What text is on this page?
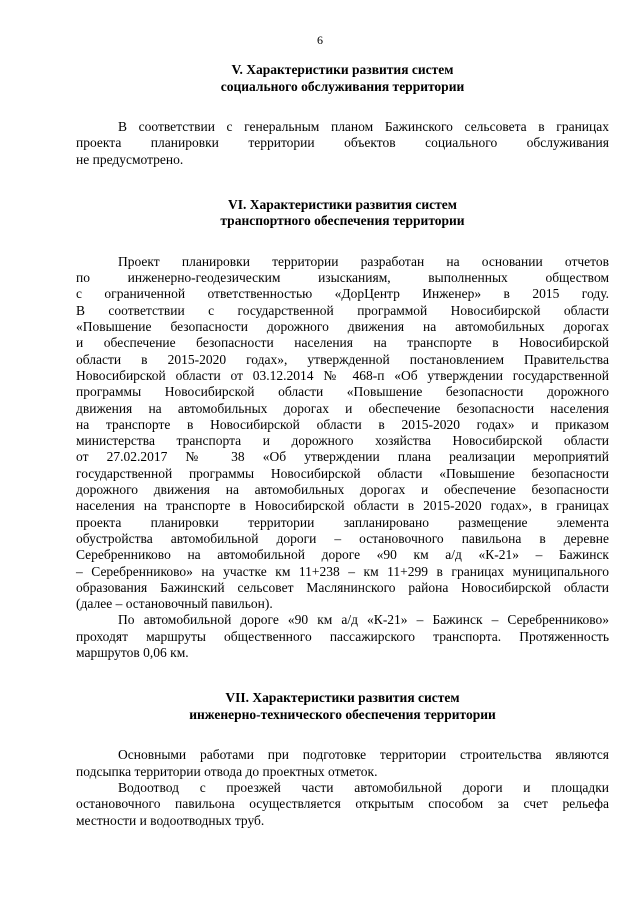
6
V. Характеристики развития систем
социального обслуживания территории
В соответствии с генеральным планом Бажинского сельсовета в границах
проекта планировки территории объектов социального обслуживания
не предусмотрено.
VI. Характеристики развития систем
транспортного обеспечения территории
Проект планировки территории разработан на основании отчетов
по инженерно-геодезическим изысканиям, выполненных обществом
с ограниченной ответственностью «ДорЦентр Инженер» в 2015 году.
В соответствии с государственной программой Новосибирской области
«Повышение безопасности дорожного движения на автомобильных дорогах
и обеспечение безопасности населения на транспорте в Новосибирской
области в 2015-2020 годах», утвержденной постановлением Правительства
Новосибирской области от 03.12.2014 № 468-п «Об утверждении государственной
программы Новосибирской области «Повышение безопасности дорожного
движения на автомобильных дорогах и обеспечение безопасности населения
на транспорте в Новосибирской области в 2015-2020 годах» и приказом
министерства транспорта и дорожного хозяйства Новосибирской области
от 27.02.2017 № 38 «Об утверждении плана реализации мероприятий
государственной программы Новосибирской области «Повышение безопасности
дорожного движения на автомобильных дорогах и обеспечение безопасности
населения на транспорте в Новосибирской области в 2015-2020 годах», в границах
проекта планировки территории запланировано размещение элемента
обустройства автомобильной дороги – остановочного павильона в деревне
Серебренниково на автомобильной дороге «90 км а/д «К-21» – Бажинск
– Серебренниково» на участке км 11+238 – км 11+299 в границах муниципального
образования Бажинский сельсовет Маслянинского района Новосибирской области
(далее – остановочный павильон).
По автомобильной дороге «90 км а/д «К-21» – Бажинск – Серебренниково»
проходят маршруты общественного пассажирского транспорта. Протяженность
маршрутов 0,06 км.
VII. Характеристики развития систем
инженерно-технического обеспечения территории
Основными работами при подготовке территории строительства являются
подсыпка территории отвода до проектных отметок.
Водоотвод с проезжей части автомобильной дороги и площадки
остановочного павильона осуществляется открытым способом за счет рельефа
местности и водоотводных труб.
